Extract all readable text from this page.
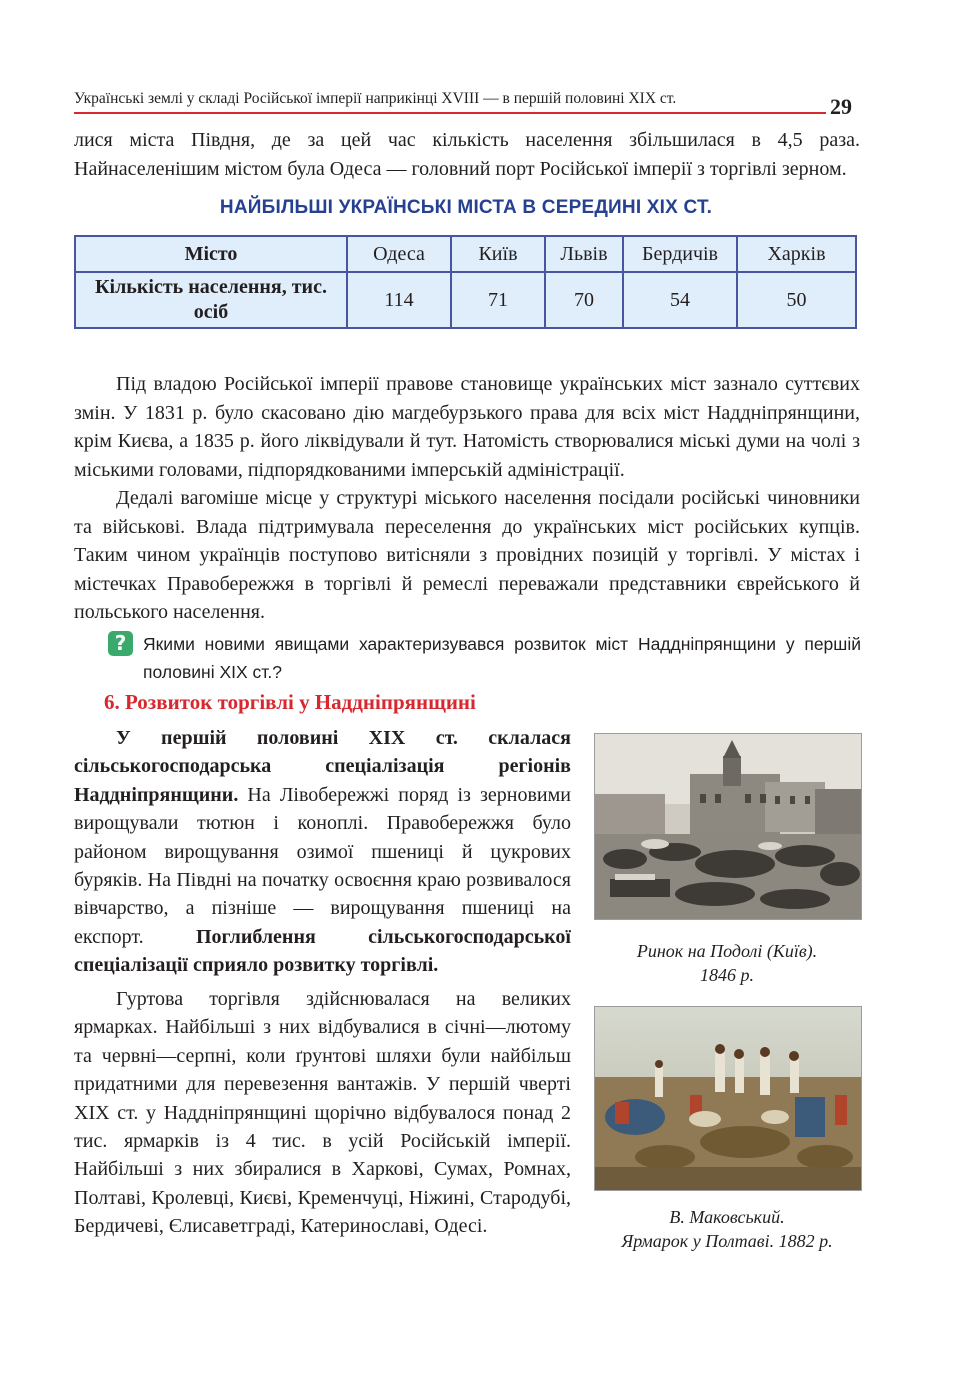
Українські землі у складі Російської імперії наприкінці XVIII — в першій половині XIX ст.	29

лися міста Півдня, де за цей час кількість населення збільшилася в 4,5 раза. Найнаселенішим містом була Одеса — головний порт Російської імперії з торгівлі зерном.

НАЙБІЛЬШІ УКРАЇНСЬКІ МІСТА В СЕРЕДИНІ XIX СТ.
Місто	Одеса	Київ	Львів	Бердичів	Харків
Кількість населення, тис. осіб	114	71	70	54	50

Під владою Російської імперії правове становище українських міст зазнало суттєвих змін. У 1831 р. було скасовано дію магдебурзького права для всіх міст Наддніпрянщини, крім Києва, а 1835 р. його ліквідували й тут. Натомість створювалися міські думи на чолі з міськими головами, підпорядкованими імперській адміністрації.

Дедалі вагоміше місце у структурі міського населення посідали російські чиновники та військові. Влада підтримувала переселення до українських міст російських купців. Таким чином українців поступово витісняли з провідних позицій у торгівлі. У містах і містечках Правобережжя в торгівлі й ремеслі переважали представники єврейського й польського населення.

? Якими новими явищами характеризувався розвиток міст Наддніпрянщини у першій половині XIX ст.?

6. Розвиток торгівлі у Наддніпрянщині

У першій половині XIX ст. склалася сільськогосподарська спеціалізація регіонів Наддніпрянщини. На Лівобережжі поряд із зерновими вирощували тютюн і коноплі. Правобережжя було районом вирощування озимої пшениці й цукрових буряків. На Півдні на початку освоєння краю розвивалося вівчарство, а пізніше — вирощування пшениці на експорт. Поглиблення сільськогосподарської спеціалізації сприяло розвитку торгівлі.

Гуртова торгівля здійснювалася на великих ярмарках. Найбільші з них відбувалися в січні—лютому та червні—серпні, коли ґрунтові шляхи були найбільш придатними для перевезення вантажів. У першій чверті XIX ст. у Наддніпрянщині щорічно відбувалося понад 2 тис. ярмарків із 4 тис. в усій Російській імперії. Найбільші з них збиралися в Харкові, Сумах, Ромнах, Полтаві, Кролевці, Києві, Кременчуці, Ніжині, Стародубі, Бердичеві, Єлисаветграді, Катеринославі, Одесі.

Ринок на Подолі (Київ).
1846 р.

В. Маковський.
Ярмарок у Полтаві. 1882 р.
